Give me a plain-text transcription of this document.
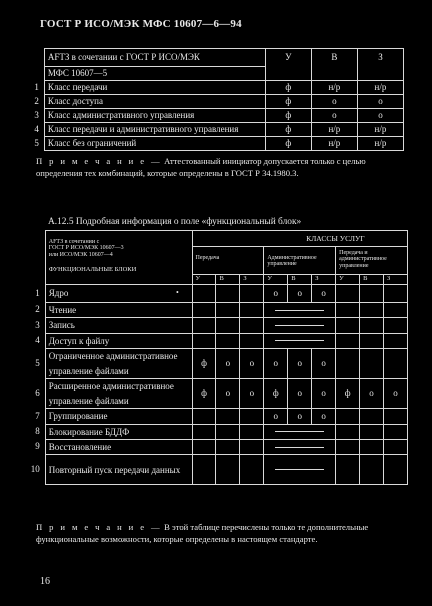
ГОСТ Р ИСО/МЭК МФС 10607—6—94

	AFTЗ в сочетании с ГОСТ Р ИСО/МЭК	У	В	З
	МФС 10607—5			
1	Класс передачи	ф	н/р	н/р
2	Класс доступа	ф	о	о
3	Класс административного управления	ф	о	о
4	Класс передачи и административного управления	ф	н/р	н/р
5	Класс без ограничений	ф	н/р	н/р
П р и м е ч а н и е — Аттестованный инициатор допускается только с целью определения тех комбинаций, которые определены в ГОСТ Р 34.1980.3.
А.12.5 Подробная информация о поле «функциональный блок»

	AFTЗ в сочетании с
ГОСТ Р ИСО/МЭК 10607—3
или ИСО/МЭК 10607—4
ФУНКЦИОНАЛЬНЫЕ БЛОКИ				КЛАССЫ УСЛУГ					
		Передача			Административное управление			Передача и административное управление		
		У	В	З	У	В	З	У	В	З
1	Ядро •				о	о	о			
2	Чтение						

3	Запись						

4	Доступ к файлу						

5	Ограниченное административное управление файлами	ф	о	о	о	о	о			
6	Расширенное административное управление файлами	ф	о	о	ф	о	о	ф	о	о
7	Группирование				о	о	о			
8	Блокирование БДДФ						

9	Восстановление						

10	Повторный пуск передачи данных						

П р и м е ч а н и е — В этой таблице перечислены только те дополнительные функциональные возможности, которые определены в настоящем стандарте.
16
